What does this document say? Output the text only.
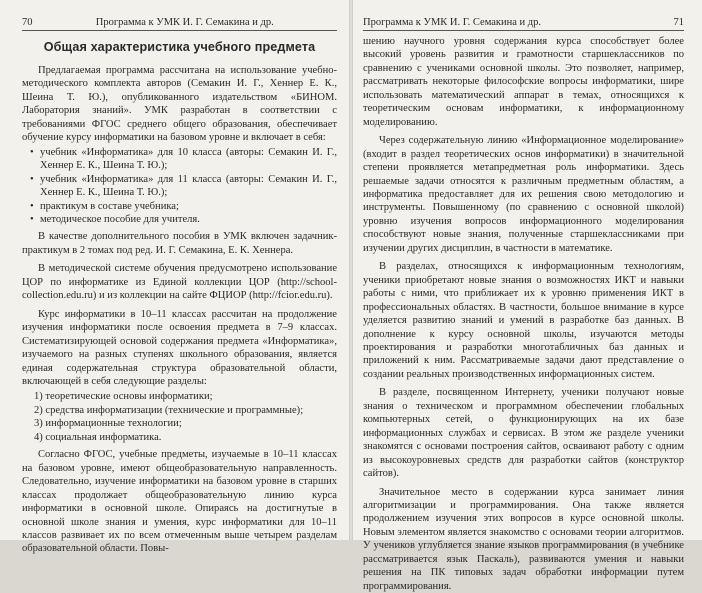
70	Программа к УМК И. Г. Семакина и др.
Общая характеристика учебного предмета

Предлагаемая программа рассчитана на использование учебно-методического комплекта авторов (Семакин И. Г., Хеннер Е. К., Шеина Т. Ю.), опубликованного издательством «БИНОМ. Лаборатория знаний». УМК разработан в соответствии с требованиями ФГОС среднего общего образования, обеспечивает обучение курсу информатики на базовом уровне и включает в себя:

• учебник «Информатика» для 10 класса (авторы: Семакин И. Г., Хеннер Е. К., Шеина Т. Ю.);
• учебник «Информатика» для 11 класса (авторы: Семакин И. Г., Хеннер Е. К., Шеина Т. Ю.);
• практикум в составе учебника;
• методическое пособие для учителя.

В качестве дополнительного пособия в УМК включен задачник-практикум в 2 томах под ред. И. Г. Семакина, Е. К. Хеннера.

В методической системе обучения предусмотрено использование ЦОР по информатике из Единой коллекции ЦОР (http://school-collection.edu.ru) и из коллекции на сайте ФЦИОР (http://fcior.edu.ru).

Курс информатики в 10–11 классах рассчитан на продолжение изучения информатики после освоения предмета в 7–9 классах. Систематизирующей основой содержания предмета «Информатика», изучаемого на разных ступенях школьного образования, является единая содержательная структура образовательной области, включающей в себя следующие разделы:

1) теоретические основы информатики;
2) средства информатизации (технические и программные);
3) информационные технологии;
4) социальная информатика.

Согласно ФГОС, учебные предметы, изучаемые в 10–11 классах на базовом уровне, имеют общеобразовательную направленность. Следовательно, изучение информатики на базовом уровне в старших классах продолжает общеобразовательную линию курса информатики в основной школе. Опираясь на достигнутые в основной школе знания и умения, курс информатики для 10–11 классов развивает их по всем отмеченным выше четырем разделам образовательной области. Повы-

Программа к УМК И. Г. Семакина и др.	71

шению научного уровня содержания курса способствует более высокий уровень развития и грамотности старшеклассников по сравнению с учениками основной школы. Это позволяет, например, рассматривать некоторые философские вопросы информатики, шире использовать математический аппарат в темах, относящихся к теоретическим основам информатики, к информационному моделированию.

Через содержательную линию «Информационное моделирование» (входит в раздел теоретических основ информатики) в значительной степени проявляется метапредметная роль информатики. Здесь решаемые задачи относятся к различным предметным областям, а информатика предоставляет для их решения свою методологию и инструменты. Повышенному (по сравнению с основной школой) уровню изучения вопросов информационного моделирования способствуют новые знания, полученные старшеклассниками при изучении других дисциплин, в частности в математике.

В разделах, относящихся к информационным технологиям, ученики приобретают новые знания о возможностях ИКТ и навыки работы с ними, что приближает их к уровню применения ИКТ в профессиональных областях. В частности, большое внимание в курсе уделяется развитию знаний и умений в разработке баз данных. В дополнение к курсу основной школы, изучаются методы проектирования и разработки многотабличных баз данных и приложений к ним. Рассматриваемые задачи дают представление о создании реальных производственных информационных систем.

В разделе, посвященном Интернету, ученики получают новые знания о техническом и программном обеспечении глобальных компьютерных сетей, о функционирующих на их базе информационных службах и сервисах. В этом же разделе ученики знакомятся с основами построения сайтов, осваивают работу с одним из высокоуровневых средств для разработки сайтов (конструктор сайтов).

Значительное место в содержании курса занимает линия алгоритмизации и программирования. Она также является продолжением изучения этих вопросов в курсе основной школы. Новым элементом является знакомство с основами теории алгоритмов. У учеников углубляется знание языков программирования (в учебнике рассматривается язык Паскаль), развиваются умения и навыки решения на ПК типовых задач обработки информации путем программирования.
